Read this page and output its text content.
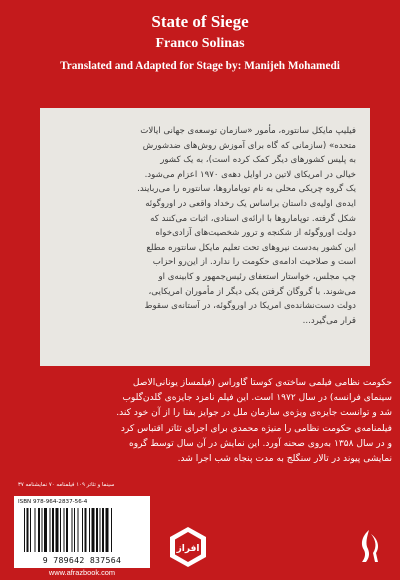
State of Siege
Franco Solinas
Translated and Adapted for Stage by: Manijeh Mohamedi

فیلیپ مایکل سانتوره، مأمور «سازمان توسعه‌ی جهانی ایالات

متحده» (سازمانی که گاه برای آموزش روش‌های ضدشورش

به پلیس کشورهای دیگر کمک کرده است)، به یک کشور

خیالی در امریکای لاتین در اوایل دهه‌ی ۱۹۷۰ اعزام می‌شود.

یک گروه چریکی محلی به نام توپامارو‌ها، سانتوره را می‌ربایند.

ایده‌ی اولیه‌ی داستان براساس یک رخداد واقعی در اوروگوئه

شکل گرفته. توپامارو‌ها با ارائه‌ی اسنادی، اثبات می‌کنند که

دولت اوروگوئه از شکنجه و ترور شخصیت‌های آزادی‌خواه

این کشور به‌دست نیروهای تحت تعلیم مایکل سانتوره مطلع

است و صلاحیت ادامه‌ی حکومت را ندارد. از این‌رو احزاب

چپ مجلس، خواستار استعفای رئیس‌جمهور و کابینه‌ی او

می‌شوند. با گروگان گرفتن یکی دیگر از مأموران امریکایی،

دولت دست‌نشانده‌ی امریکا در اوروگوئه، در آستانه‌ی سقوط

قرار می‌گیرد...

حکومت نظامی فیلمی ساخته‌ی کوستا گاوراس (فیلمساز یونانی‌الاصل

سینمای فرانسه) در سال ۱۹۷۲ است. این فیلم نامزد جایزه‌ی گلدن‌گلوب

شد و توانست جایزه‌ی ویژه‌ی سازمان ملل در جوایز بفتا را از آن خود کند.

فیلمنامه‌ی حکومت نظامی را منیژه محمدی برای اجرای تئاتر اقتباس کرد

و در سال ۱۳۵۸ به‌روی صحنه آورد. این نمایش در آن سال توسط گروه

نمایشی پیوند در تالار سنگلج به مدت پنجاه شب اجرا شد.

سینما و تئاتر ۱۰۹ فیلمنامه ۷۰ نمایشنامه ۳۷
ISBN 978-964-2837-56-4
9 789642 837564
www.afrazbook.com
افراز
